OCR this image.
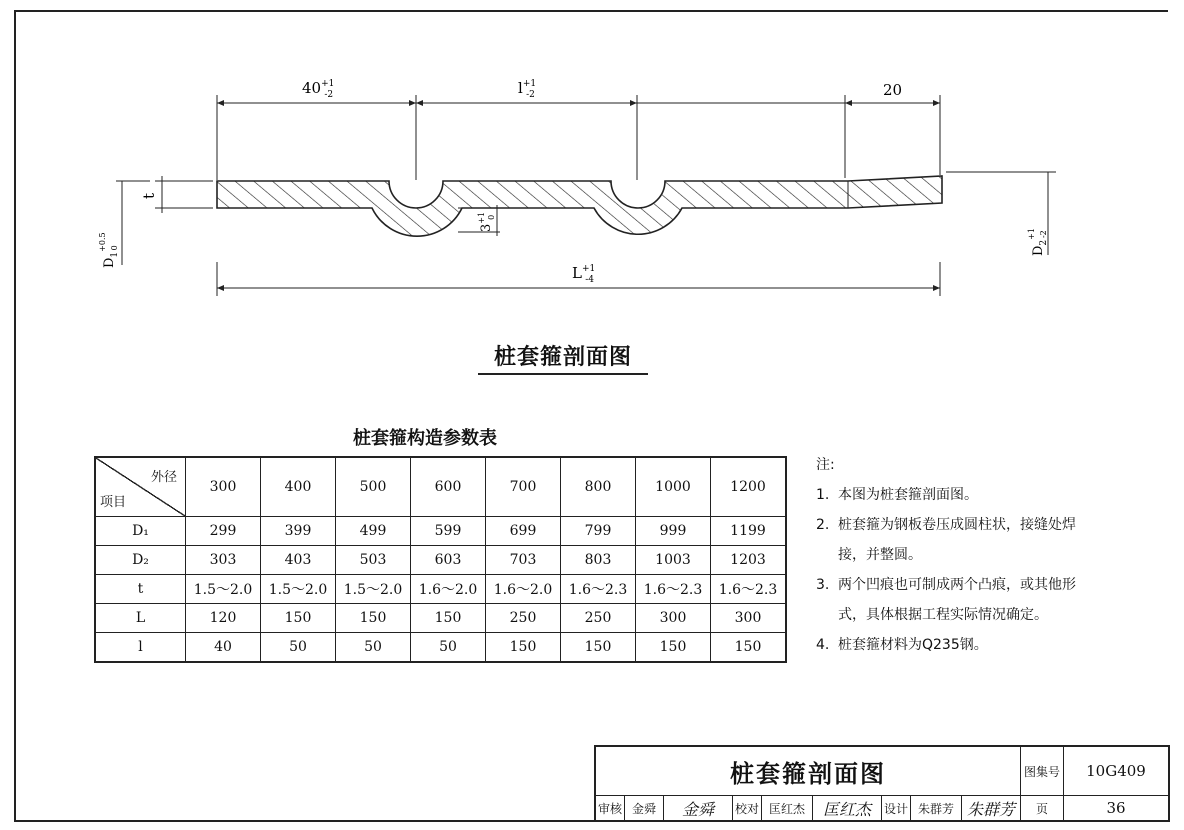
$40^{+1}$ -2	$l^{+1}$ -2	20
t
$3^{+1}0$
$D_1^{+0.5}$ 0	$D_2^{+1}$ -2
$L^{+1}$ -4
桩套箍剖面图
桩套箍构造参数表
外径
项目	300	400	500	600	700	800	1000	1200
D₁	299	399	499	599	699	799	999	1199
D₂	303	403	503	603	703	803	1003	1203
t	1.5～2.0	1.5～2.0	1.5～2.0	1.6～2.0	1.6～2.0	1.6～2.3	1.6～2.3	1.6～2.3
L	120	150	150	150	250	250	300	300
l	40	50	50	50	150	150	150	150
注:
1. 本图为桩套箍剖面图。
2. 桩套箍为钢板卷压成圆柱状，接缝处焊接，并整圆。
3. 两个凹痕也可制成两个凸痕，或其他形式，具体根据工程实际情况确定。
4. 桩套箍材料为Q235钢。
桩套箍剖面图									图集号	10G409
审核	金舜	金舜	校对	匡红杰	匡红杰	设计	朱群芳	朱群芳	页	36
